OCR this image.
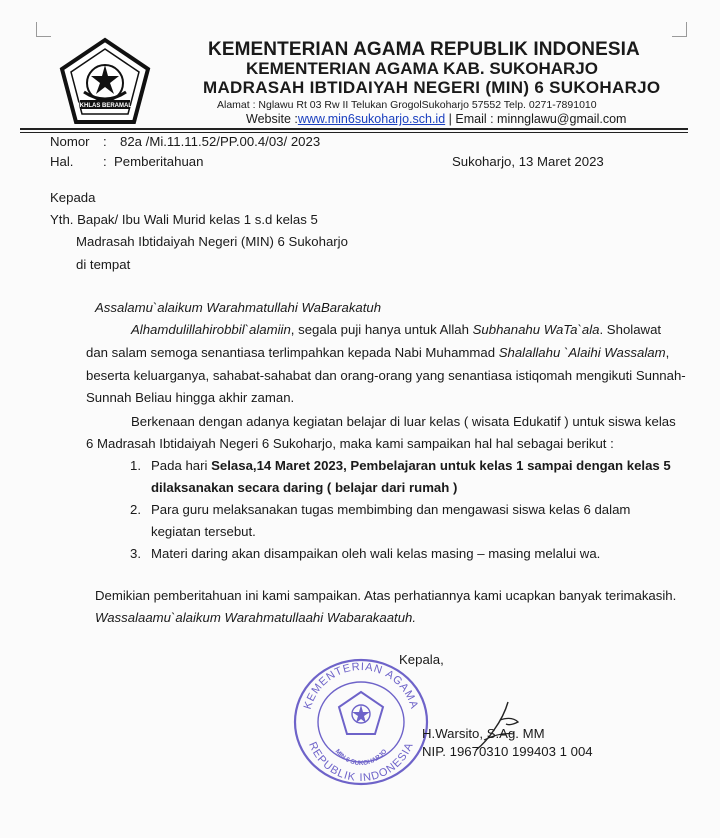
IKHLAS BERAMAL
KEMENTERIAN AGAMA REPUBLIK INDONESIA
KEMENTERIAN AGAMA KAB. SUKOHARJO
MADRASAH IBTIDAIYAH NEGERI (MIN) 6 SUKOHARJO
Alamat : Nglawu Rt 03 Rw II Telukan GrogolSukoharjo 57552 Telp. 0271-7891010
Website :www.min6sukoharjo.sch.id | Email : minnglawu@gmail.com
Nomor : 82a /Mi.11.11.52/PP.00.4/03/ 2023
Hal. : Pemberitahuan	Sukoharjo, 13 Maret 2023
Kepada
Yth. Bapak/ Ibu Wali Murid kelas 1 s.d kelas 5
Madrasah Ibtidaiyah Negeri (MIN) 6 Sukoharjo
di tempat
Assalamu`alaikum Warahmatullahi WaBarakatuh
Alhamdulillahirobbil`alamiin, segala puji hanya untuk Allah Subhanahu WaTa`ala. Sholawat
dan salam semoga senantiasa terlimpahkan kepada Nabi Muhammad Shalallahu `Alaihi Wassalam,
beserta keluarganya, sahabat-sahabat dan orang-orang yang senantiasa istiqomah mengikuti Sunnah-
Sunnah Beliau hingga akhir zaman.
Berkenaan dengan adanya kegiatan belajar di luar kelas ( wisata Edukatif ) untuk siswa kelas
6 Madrasah Ibtidaiyah Negeri 6 Sukoharjo, maka kami sampaikan hal hal sebagai berikut :
1. Pada hari Selasa,14 Maret 2023, Pembelajaran untuk kelas 1 sampai dengan kelas 5
dilaksanakan secara daring ( belajar dari rumah )
2. Para guru melaksanakan tugas membimbing dan mengawasi siswa kelas 6 dalam
kegiatan tersebut.
3. Materi daring akan disampaikan oleh wali kelas masing – masing melalui wa.
Demikian pemberitahuan ini kami sampaikan. Atas perhatiannya kami ucapkan banyak terimakasih.
Wassalaamu`alaikum Warahmatullaahi Wabarakaatuh.
Kepala,
KEMENTERIAN AGAMA
REPUBLIK INDONESIA
MIN 6 SUKOHARJO
H.Warsito, S.Ag. MM
NIP. 19670310 199403 1 004
